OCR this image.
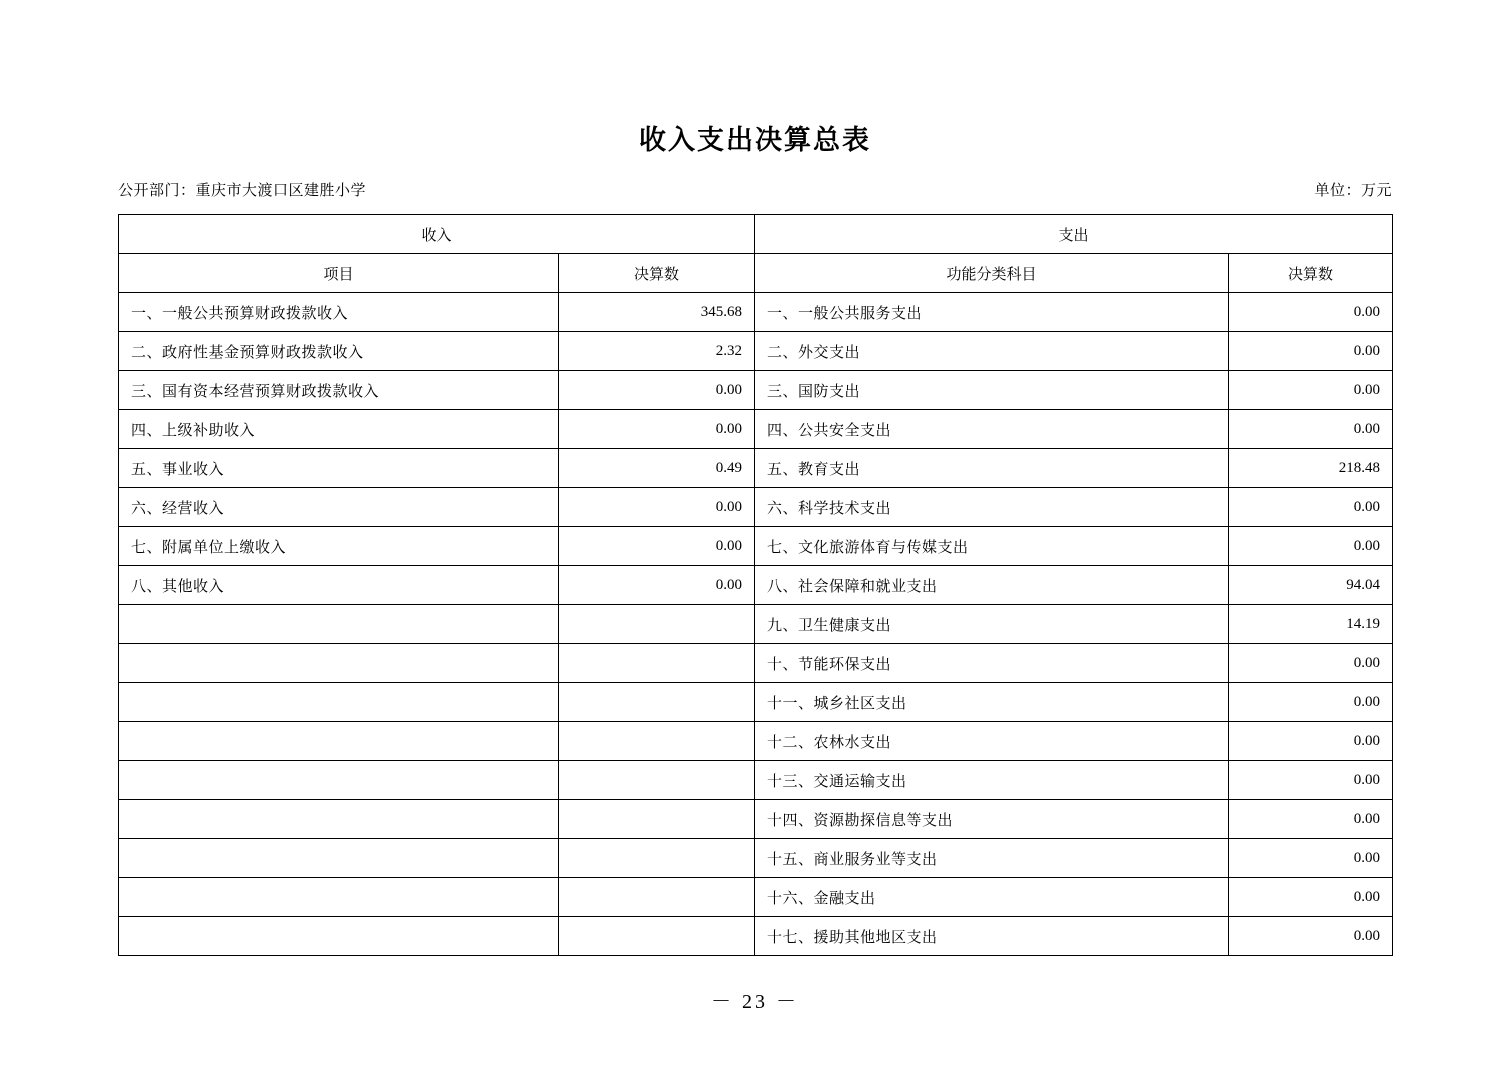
收入支出决算总表
公开部门：重庆市大渡口区建胜小学	单位：万元
收入		支出	
项目	决算数	功能分类科目	决算数
一、一般公共预算财政拨款收入	345.68	一、一般公共服务支出	0.00
二、政府性基金预算财政拨款收入	2.32	二、外交支出	0.00
三、国有资本经营预算财政拨款收入	0.00	三、国防支出	0.00
四、上级补助收入	0.00	四、公共安全支出	0.00
五、事业收入	0.49	五、教育支出	218.48
六、经营收入	0.00	六、科学技术支出	0.00
七、附属单位上缴收入	0.00	七、文化旅游体育与传媒支出	0.00
八、其他收入	0.00	八、社会保障和就业支出	94.04
		九、卫生健康支出	14.19
		十、节能环保支出	0.00
		十一、城乡社区支出	0.00
		十二、农林水支出	0.00
		十三、交通运输支出	0.00
		十四、资源勘探信息等支出	0.00
		十五、商业服务业等支出	0.00
		十六、金融支出	0.00
		十七、援助其他地区支出	0.00
－ 23 －
